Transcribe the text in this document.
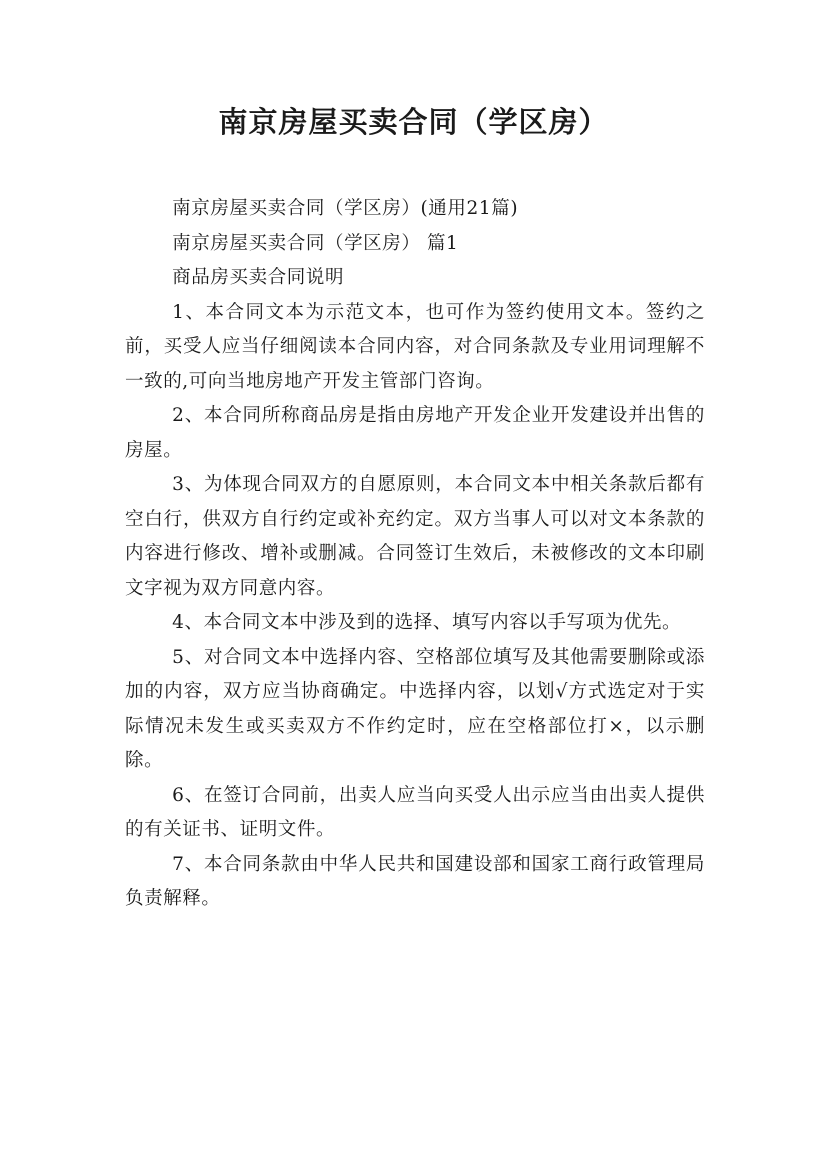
南京房屋买卖合同（学区房）

南京房屋买卖合同（学区房）(通用21篇)

南京房屋买卖合同（学区房） 篇1

商品房买卖合同说明

1、本合同文本为示范文本，也可作为签约使用文本。签约之前，买受人应当仔细阅读本合同内容，对合同条款及专业用词理解不一致的,可向当地房地产开发主管部门咨询。

2、本合同所称商品房是指由房地产开发企业开发建设并出售的房屋。

3、为体现合同双方的自愿原则，本合同文本中相关条款后都有空白行，供双方自行约定或补充约定。双方当事人可以对文本条款的内容进行修改、增补或删减。合同签订生效后，未被修改的文本印刷文字视为双方同意内容。

4、本合同文本中涉及到的选择、填写内容以手写项为优先。

5、对合同文本中选择内容、空格部位填写及其他需要删除或添加的内容，双方应当协商确定。中选择内容，以划√方式选定对于实际情况未发生或买卖双方不作约定时，应在空格部位打×，以示删除。

6、在签订合同前，出卖人应当向买受人出示应当由出卖人提供的有关证书、证明文件。

7、本合同条款由中华人民共和国建设部和国家工商行政管理局负责解释。
